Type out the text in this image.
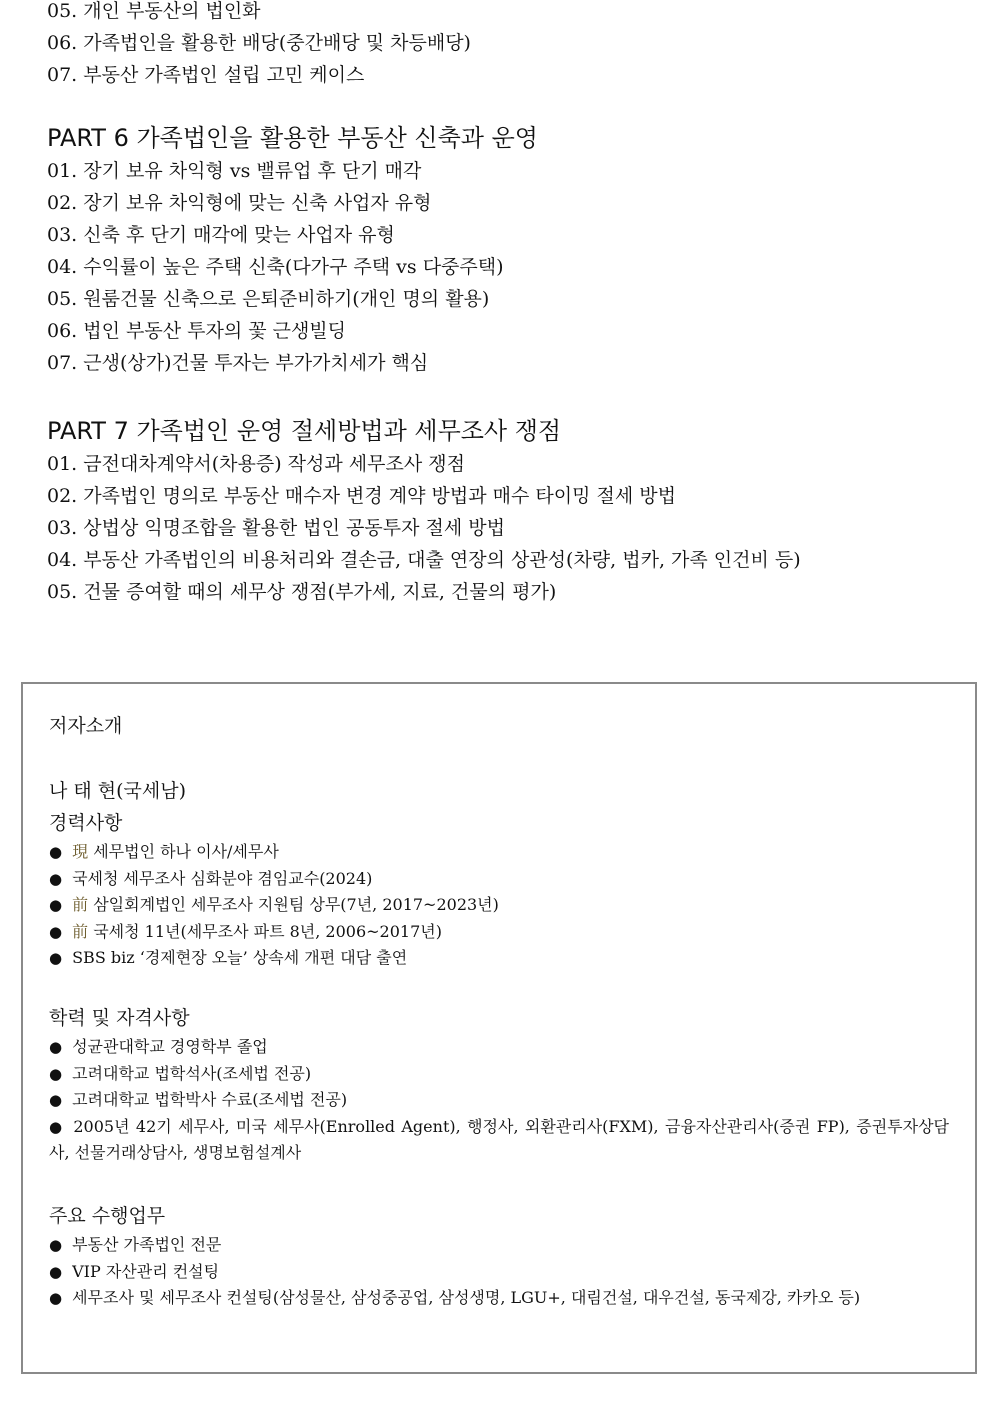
05. 개인 부동산의 법인화
06. 가족법인을 활용한 배당(중간배당 및 차등배당)
07. 부동산 가족법인 설립 고민 케이스
PART 6 가족법인을 활용한 부동산 신축과 운영
01. 장기 보유 차익형 vs 밸류업 후 단기 매각
02. 장기 보유 차익형에 맞는 신축 사업자 유형
03. 신축 후 단기 매각에 맞는 사업자 유형
04. 수익률이 높은 주택 신축(다가구 주택 vs 다중주택)
05. 원룸건물 신축으로 은퇴준비하기(개인 명의 활용)
06. 법인 부동산 투자의 꽃 근생빌딩
07. 근생(상가)건물 투자는 부가가치세가 핵심
PART 7 가족법인 운영 절세방법과 세무조사 쟁점
01. 금전대차계약서(차용증) 작성과 세무조사 쟁점
02. 가족법인 명의로 부동산 매수자 변경 계약 방법과 매수 타이밍 절세 방법
03. 상법상 익명조합을 활용한 법인 공동투자 절세 방법
04. 부동산 가족법인의 비용처리와 결손금, 대출 연장의 상관성(차량, 법카, 가족 인건비 등)
05. 건물 증여할 때의 세무상 쟁점(부가세, 지료, 건물의 평가)
저자소개
나 태 현(국세남)
경력사항
● 現 세무법인 하나 이사/세무사
● 국세청 세무조사 심화분야 겸임교수(2024)
● 前 삼일회계법인 세무조사 지원팀 상무(7년, 2017~2023년)
● 前 국세청 11년(세무조사 파트 8년, 2006~2017년)
● SBS biz ‘경제현장 오늘’ 상속세 개편 대담 출연
학력 및 자격사항
● 성균관대학교 경영학부 졸업
● 고려대학교 법학석사(조세법 전공)
● 고려대학교 법학박사 수료(조세법 전공)
● 2005년 42기 세무사, 미국 세무사(Enrolled Agent), 행정사, 외환관리사(FXM), 금융자산관리사(증권 FP), 증권투자상담사, 선물거래상담사, 생명보험설계사
주요 수행업무
● 부동산 가족법인 전문
● VIP 자산관리 컨설팅
● 세무조사 및 세무조사 컨설팅(삼성물산, 삼성중공업, 삼성생명, LGU+, 대림건설, 대우건설, 동국제강, 카카오 등)
